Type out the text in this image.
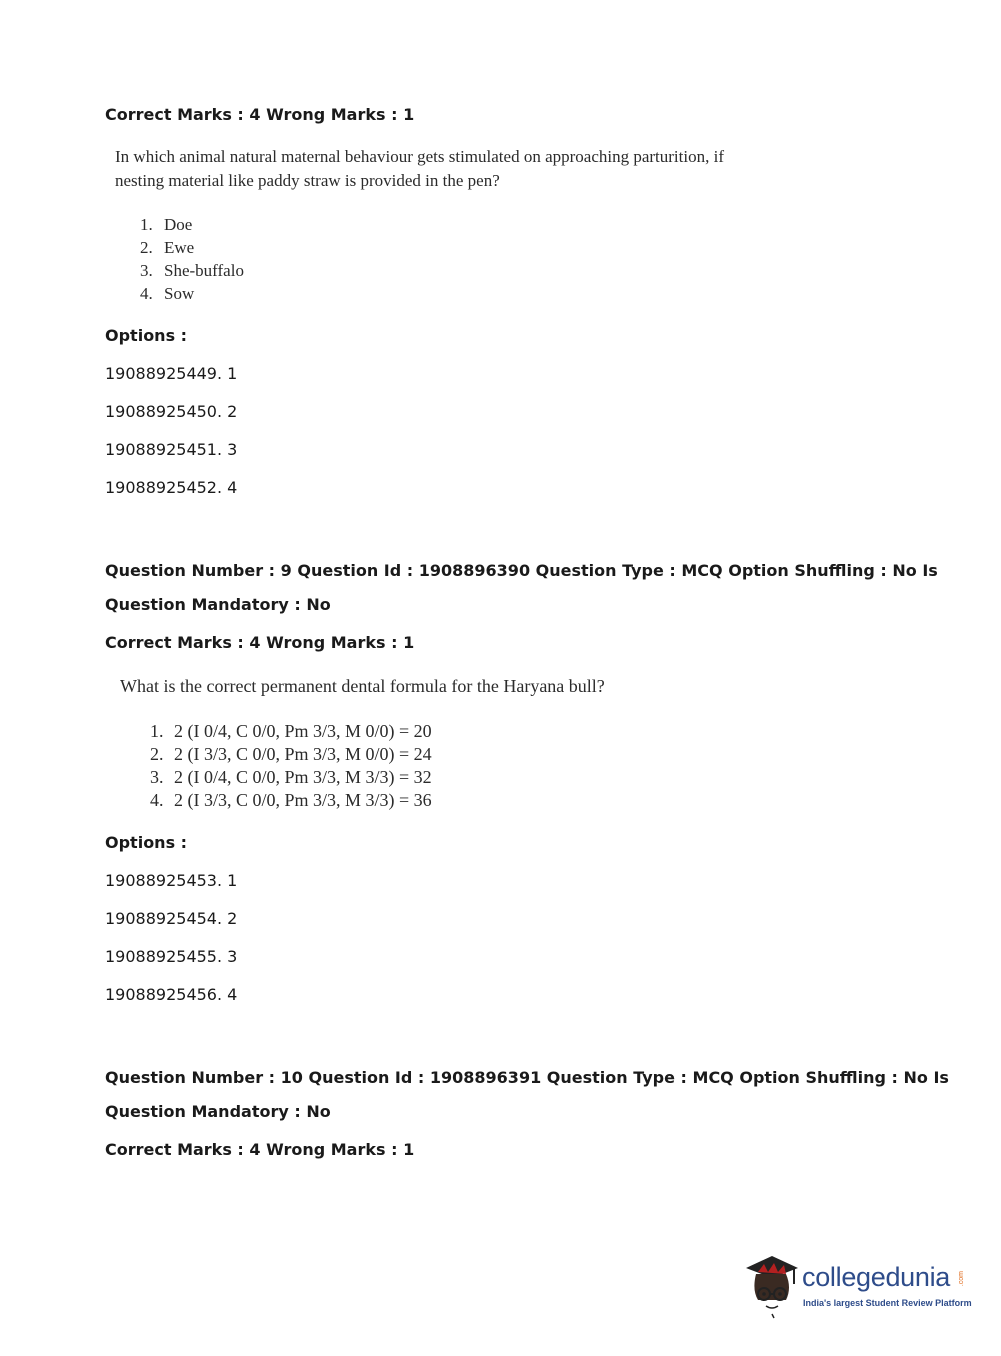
Correct Marks : 4 Wrong Marks : 1
In which animal natural maternal behaviour gets stimulated on approaching parturition, if
nesting material like paddy straw is provided in the pen?
1. Doe
2. Ewe
3. She-buffalo
4. Sow
Options :
19088925449. 1
19088925450. 2
19088925451. 3
19088925452. 4
Question Number : 9 Question Id : 1908896390 Question Type : MCQ Option Shuffling : No Is
Question Mandatory : No
Correct Marks : 4 Wrong Marks : 1
What is the correct permanent dental formula for the Haryana bull?
1. 2 (I 0/4, C 0/0, Pm 3/3, M 0/0) = 20
2. 2 (I 3/3, C 0/0, Pm 3/3, M 0/0) = 24
3. 2 (I 0/4, C 0/0, Pm 3/3, M 3/3) = 32
4. 2 (I 3/3, C 0/0, Pm 3/3, M 3/3) = 36
Options :
19088925453. 1
19088925454. 2
19088925455. 3
19088925456. 4
Question Number : 10 Question Id : 1908896391 Question Type : MCQ Option Shuffling : No Is
Question Mandatory : No
Correct Marks : 4 Wrong Marks : 1
collegedunia .com
India's largest Student Review Platform
